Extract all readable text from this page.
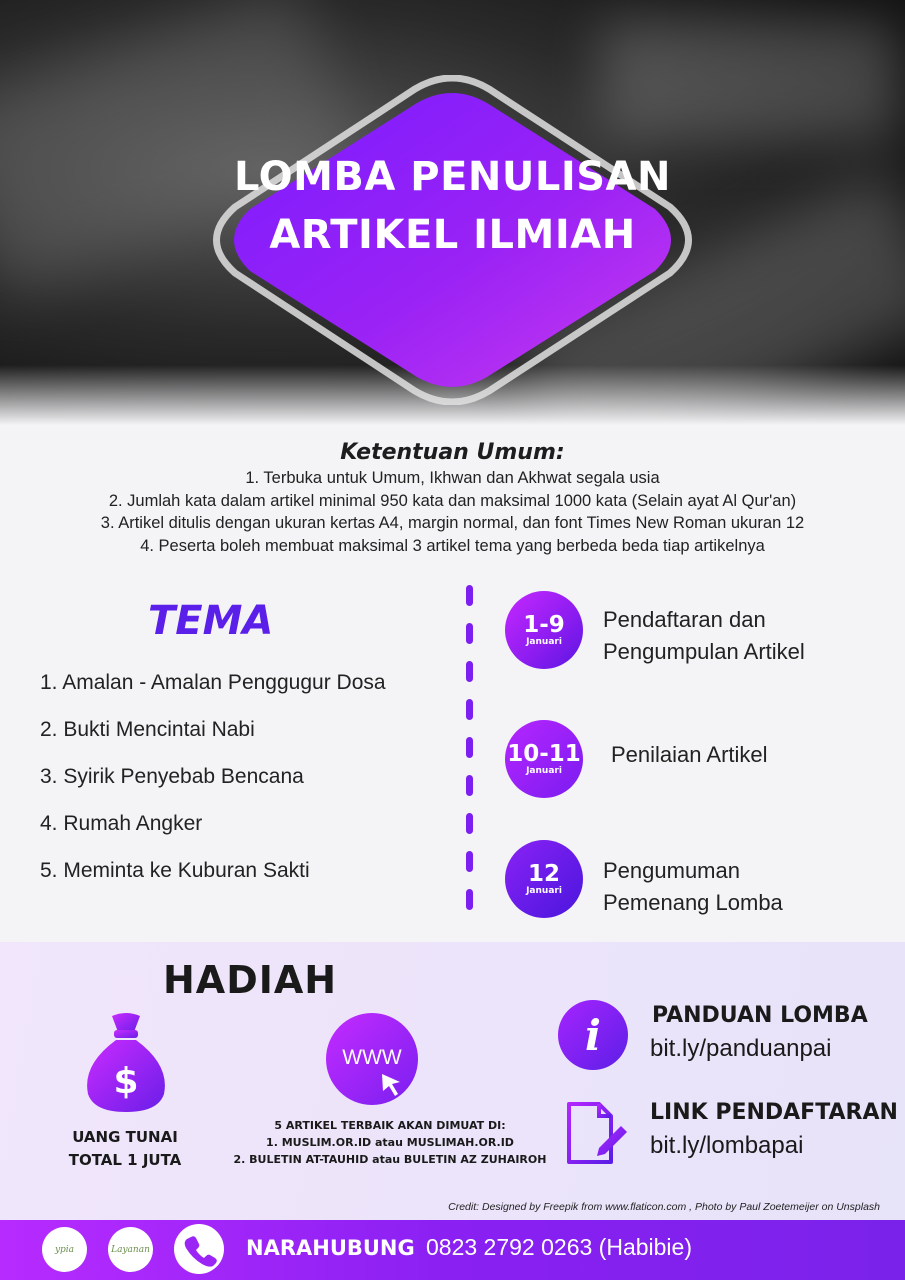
LOMBA PENULISAN
ARTIKEL ILMIAH
Ketentuan Umum:
1. Terbuka untuk Umum, Ikhwan dan Akhwat segala usia
2. Jumlah kata dalam artikel minimal 950 kata dan maksimal 1000 kata (Selain ayat Al Qur'an)
3. Artikel ditulis dengan ukuran kertas A4, margin normal, dan font Times New Roman ukuran 12
4. Peserta boleh membuat maksimal 3 artikel tema yang berbeda beda tiap artikelnya
TEMA
1. Amalan - Amalan Penggugur Dosa
2. Bukti Mencintai Nabi
3. Syirik Penyebab Bencana
4. Rumah Angker
5. Meminta ke Kuburan Sakti
1-9
Januari
Pendaftaran dan
Pengumpulan Artikel
10-11
Januari
Penilaian Artikel
12
Januari
Pengumuman
Pemenang Lomba
HADIAH
$
UANG TUNAI
TOTAL 1 JUTA
WWW
5 ARTIKEL TERBAIK AKAN DIMUAT DI:
1. MUSLIM.OR.ID atau MUSLIMAH.OR.ID
2. BULETIN AT-TAUHID atau BULETIN AZ ZUHAIROH
i PANDUAN LOMBA
bit.ly/panduanpai
LINK PENDAFTARAN
bit.ly/lombapai
Credit: Designed by Freepik from www.flaticon.com , Photo by Paul Zoetemeijer on Unsplash
ypia	Layanan	NARAHUBUNG 0823 2792 0263 (Habibie)
